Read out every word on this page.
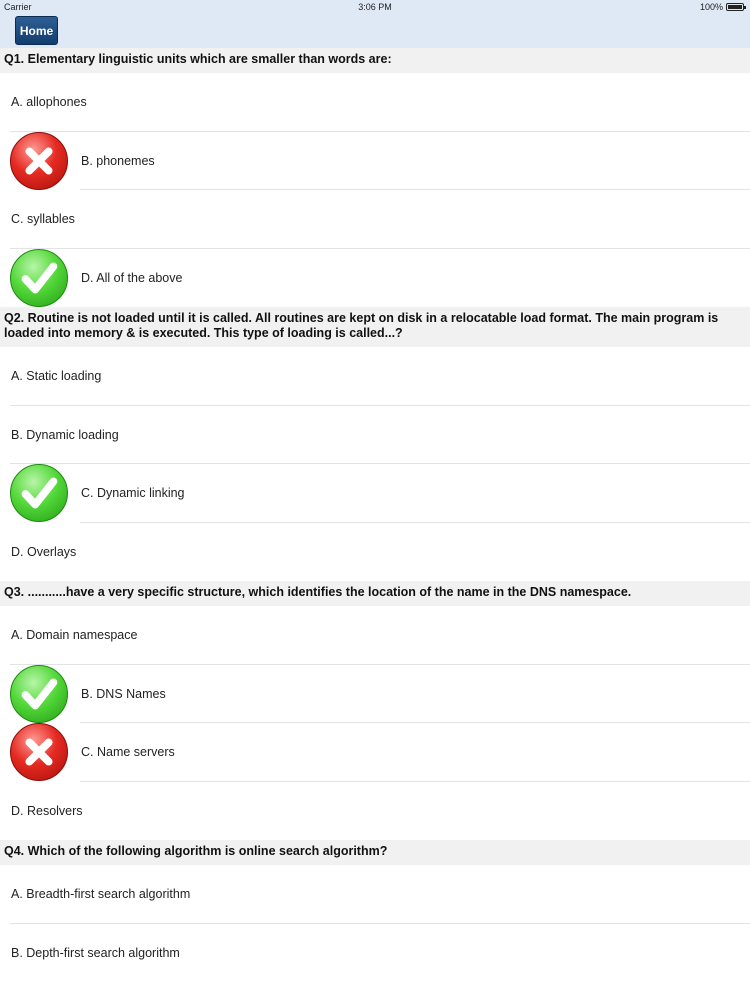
Carrier	3:06 PM	100%
Home
Q1. Elementary linguistic units which are smaller than words are:
A. allophones
B. phonemes
C. syllables
D. All of the above
Q2. Routine is not loaded until it is called. All routines are kept on disk in a relocatable load format. The main program is loaded into memory & is executed. This type of loading is called...?
A. Static loading
B. Dynamic loading
C. Dynamic linking
D. Overlays
Q3. ...........have a very specific structure, which identifies the location of the name in the DNS namespace.
A. Domain namespace
B. DNS Names
C. Name servers
D. Resolvers
Q4. Which of the following algorithm is online search algorithm?
A. Breadth-first search algorithm
B. Depth-first search algorithm
